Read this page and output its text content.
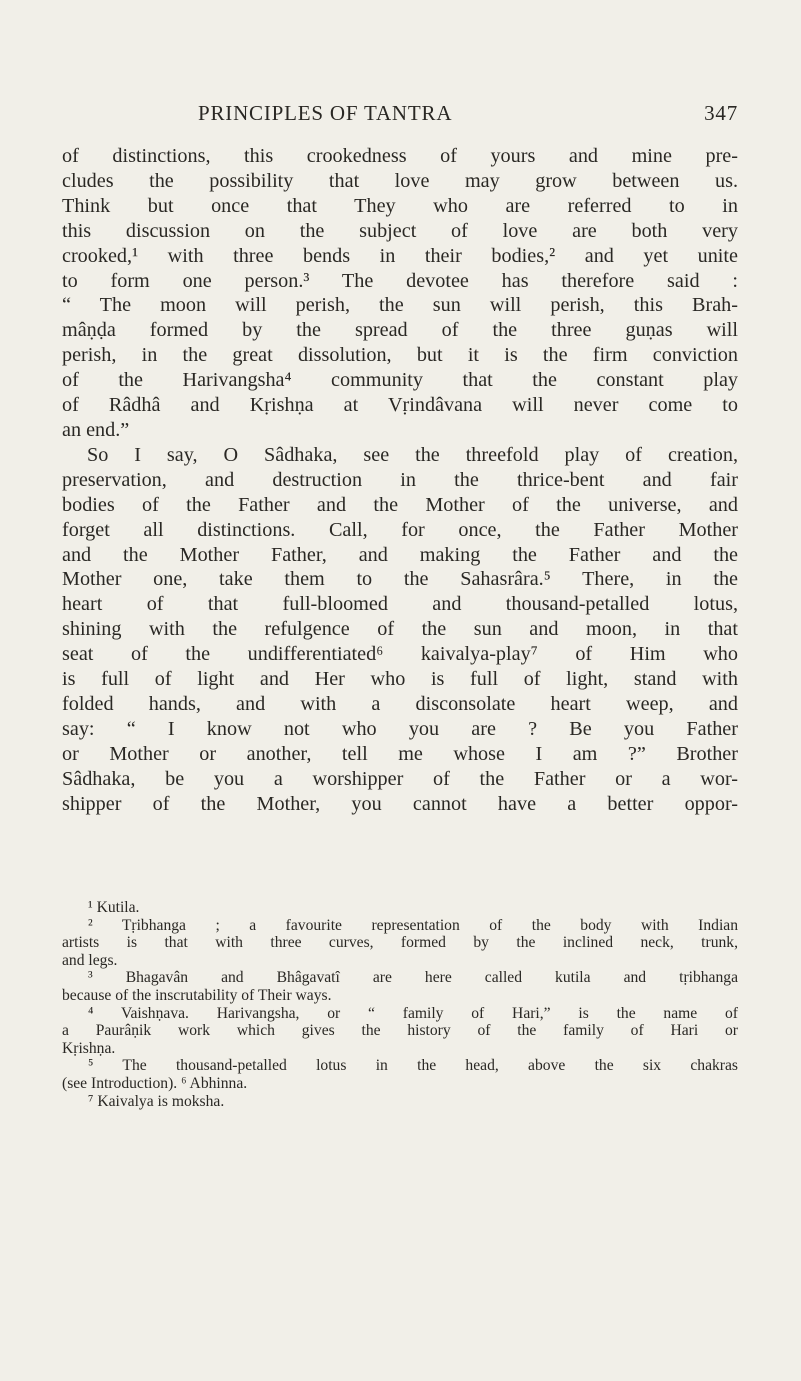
PRINCIPLES OF TANTRA	347
of distinctions, this crookedness of yours and mine pre-
cludes the possibility that love may grow between us.
Think but once that They who are referred to in
this discussion on the subject of love are both very
crooked,¹ with three bends in their bodies,² and yet unite
to form one person.³ The devotee has therefore said :
“ The moon will perish, the sun will perish, this Brah-
mâṇḍa formed by the spread of the three guṇas will
perish, in the great dissolution, but it is the firm conviction
of the Harivangsha⁴ community that the constant play
of Râdhâ and Kṛishṇa at Vṛindâvana will never come to
an end.”
So I say, O Sâdhaka, see the threefold play of creation,
preservation, and destruction in the thrice-bent and fair
bodies of the Father and the Mother of the universe, and
forget all distinctions. Call, for once, the Father Mother
and the Mother Father, and making the Father and the
Mother one, take them to the Sahasrâra.⁵ There, in the
heart of that full-bloomed and thousand-petalled lotus,
shining with the refulgence of the sun and moon, in that
seat of the undifferentiated⁶ kaivalya-play⁷ of Him who
is full of light and Her who is full of light, stand with
folded hands, and with a disconsolate heart weep, and
say: “ I know not who you are ? Be you Father
or Mother or another, tell me whose I am ?” Brother
Sâdhaka, be you a worshipper of the Father or a wor-
shipper of the Mother, you cannot have a better oppor-
¹ Kutila.
² Tṛibhanga ; a favourite representation of the body with Indian
artists is that with three curves, formed by the inclined neck, trunk,
and legs.
³ Bhagavân and Bhâgavatî are here called kutila and tṛibhanga
because of the inscrutability of Their ways.
⁴ Vaishṇava. Harivangsha, or “ family of Hari,” is the name of
a Paurâṇik work which gives the history of the family of Hari or
Kṛishṇa.
⁵ The thousand-petalled lotus in the head, above the six chakras
(see Introduction). ⁶ Abhinna.
⁷ Kaivalya is moksha.
